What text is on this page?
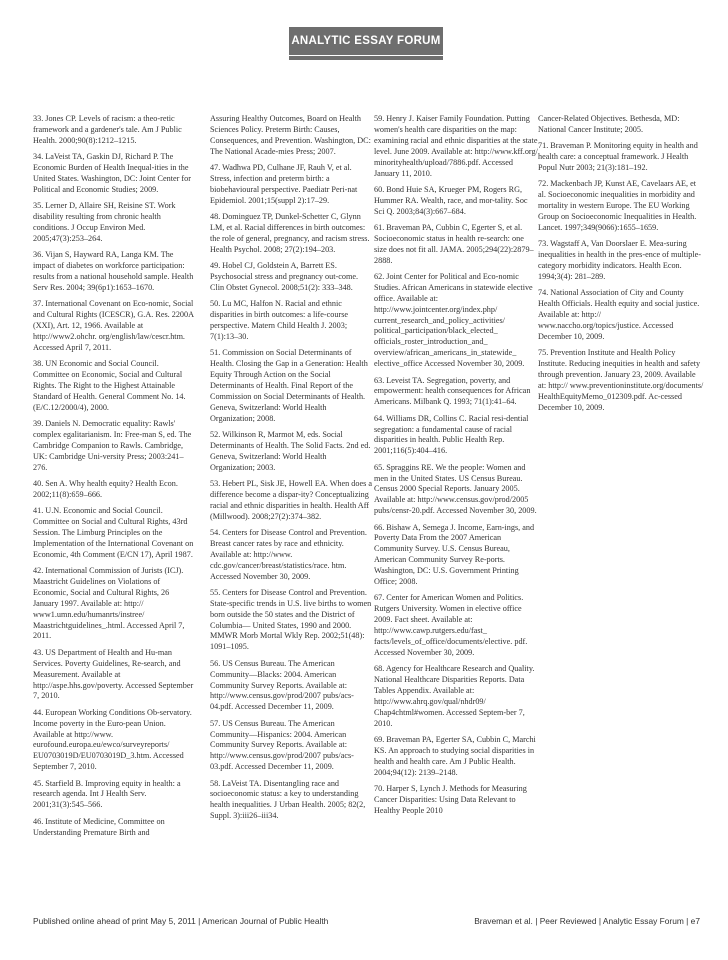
ANALYTIC ESSAY FORUM

33. Jones CP. Levels of racism: a theo-retic framework and a gardener's tale. Am J Public Health. 2000;90(8):1212–1215.

34. LaVeist TA, Gaskin DJ, Richard P. The Economic Burden of Health Inequal-ities in the United States. Washington, DC: Joint Center for Political and Economic Studies; 2009.

35. Lerner D, Allaire SH, Reisine ST. Work disability resulting from chronic health conditions. J Occup Environ Med. 2005;47(3):253–264.

36. Vijan S, Hayward RA, Langa KM. The impact of diabetes on workforce participation: results from a national household sample. Health Serv Res. 2004; 39(6p1):1653–1670.

37. International Covenant on Eco-nomic, Social and Cultural Rights (ICESCR), G.A. Res. 2200A (XXI), Art. 12, 1966. Available at http://www2.ohchr. org/english/law/cescr.htm. Accessed April 7, 2011.

38. UN Economic and Social Council. Committee on Economic, Social and Cultural Rights. The Right to the Highest Attainable Standard of Health. General Comment No. 14. (E/C.12/2000/4), 2000.

39. Daniels N. Democratic equality: Rawls' complex egalitarianism. In: Free-man S, ed. The Cambridge Companion to Rawls. Cambridge, UK: Cambridge Uni-versity Press; 2003:241–276.

40. Sen A. Why health equity? Health Econ. 2002;11(8):659–666.

41. U.N. Economic and Social Council. Committee on Social and Cultural Rights, 43rd Session. The Limburg Principles on the Implementation of the International Covenant on Economic, 4th Comment (E/CN 17), April 1987.

42. International Commission of Jurists (ICJ). Maastricht Guidelines on Violations of Economic, Social and Cultural Rights, 26 January 1997. Available at: http:// www1.umn.edu/humanrts/instree/ Maastrichtguidelines_.html. Accessed April 7, 2011.

43. US Department of Health and Hu-man Services. Poverty Guidelines, Re-search, and Measurement. Available at http://aspe.hhs.gov/poverty. Accessed September 7, 2010.

44. European Working Conditions Ob-servatory. Income poverty in the Euro-pean Union. Available at http://www. eurofound.europa.eu/ewco/surveyreports/ EU0703019D/EU0703019D_3.htm. Accessed September 7, 2010.

45. Starfield B. Improving equity in health: a research agenda. Int J Health Serv. 2001;31(3):545–566.

46. Institute of Medicine, Committee on Understanding Premature Birth and

Assuring Healthy Outcomes, Board on Health Sciences Policy. Preterm Birth: Causes, Consequences, and Prevention. Washington, DC: The National Acade-mies Press; 2007.

47. Wadhwa PD, Culhane JF, Rauh V, et al. Stress, infection and preterm birth: a biobehavioural perspective. Paediatr Peri-nat Epidemiol. 2001;15(suppl 2):17–29.

48. Dominguez TP, Dunkel-Schetter C, Glynn LM, et al. Racial differences in birth outcomes: the role of general, pregnancy, and racism stress. Health Psychol. 2008; 27(2):194–203.

49. Hobel CJ, Goldstein A, Barrett ES. Psychosocial stress and pregnancy out-come. Clin Obstet Gynecol. 2008;51(2): 333–348.

50. Lu MC, Halfon N. Racial and ethnic disparities in birth outcomes: a life-course perspective. Matern Child Health J. 2003; 7(1):13–30.

51. Commission on Social Determinants of Health. Closing the Gap in a Generation: Health Equity Through Action on the Social Determinants of Health. Final Report of the Commission on Social Determinants of Health. Geneva, Switzerland: World Health Organization; 2008.

52. Wilkinson R, Marmot M, eds. Social Determinants of Health. The Solid Facts. 2nd ed. Geneva, Switzerland: World Health Organization; 2003.

53. Hebert PL, Sisk JE, Howell EA. When does a difference become a dispar-ity? Conceptualizing racial and ethnic disparities in health. Health Aff (Millwood). 2008;27(2):374–382.

54. Centers for Disease Control and Prevention. Breast cancer rates by race and ethnicity. Available at: http://www. cdc.gov/cancer/breast/statistics/race. htm. Accessed November 30, 2009.

55. Centers for Disease Control and Prevention. State-specific trends in U.S. live births to women born outside the 50 states and the District of Columbia— United States, 1990 and 2000. MMWR Morb Mortal Wkly Rep. 2002;51(48): 1091–1095.

56. US Census Bureau. The American Community—Blacks: 2004. American Community Survey Reports. Available at: http://www.census.gov/prod/2007 pubs/acs-04.pdf. Accessed December 11, 2009.

57. US Census Bureau. The American Community—Hispanics: 2004. American Community Survey Reports. Available at: http://www.census.gov/prod/2007 pubs/acs-03.pdf. Accessed December 11, 2009.

58. LaVeist TA. Disentangling race and socioeconomic status: a key to understanding health inequalities. J Urban Health. 2005; 82(2, Suppl. 3):iii26–iii34.

59. Henry J. Kaiser Family Foundation. Putting women's health care disparities on the map: examining racial and ethnic disparities at the state level. June 2009. Available at: http://www.kff.org/ minorityhealth/upload/7886.pdf. Accessed January 11, 2010.

60. Bond Huie SA, Krueger PM, Rogers RG, Hummer RA. Wealth, race, and mor-tality. Soc Sci Q. 2003;84(3):667–684.

61. Braveman PA, Cubbin C, Egerter S, et al. Socioeconomic status in health re-search: one size does not fit all. JAMA. 2005;294(22):2879–2888.

62. Joint Center for Political and Eco-nomic Studies. African Americans in statewide elective office. Available at: http://www.jointcenter.org/index.php/ current_research_and_policy_activities/ political_participation/black_elected_ officials_roster_introduction_and_ overview/african_americans_in_statewide_ elective_office Accessed November 30, 2009.

63. Leveist TA. Segregation, poverty, and empowerment: health consequences for African Americans. Milbank Q. 1993; 71(1):41–64.

64. Williams DR, Collins C. Racial resi-dential segregation: a fundamental cause of racial disparities in health. Public Health Rep. 2001;116(5):404–416.

65. Spraggins RE. We the people: Women and men in the United States. US Census Bureau. Census 2000 Special Reports. January 2005. Available at: http://www.census.gov/prod/2005 pubs/censr-20.pdf. Accessed November 30, 2009.

66. Bishaw A, Semega J. Income, Earn-ings, and Poverty Data From the 2007 American Community Survey. U.S. Census Bureau, American Community Survey Re-ports. Washington, DC: U.S. Government Printing Office; 2008.

67. Center for American Women and Politics. Rutgers University. Women in elective office 2009. Fact sheet. Available at: http://www.cawp.rutgers.edu/fast_ facts/levels_of_office/documents/elective. pdf. Accessed November 30, 2009.

68. Agency for Healthcare Research and Quality. National Healthcare Disparities Reports. Data Tables Appendix. Available at: http://www.ahrq.gov/qual/nhdr09/ Chap4chtml#women. Accessed Septem-ber 7, 2010.

69. Braveman PA, Egerter SA, Cubbin C, Marchi KS. An approach to studying social disparities in health and health care. Am J Public Health. 2004;94(12): 2139–2148.

70. Harper S, Lynch J. Methods for Measuring Cancer Disparities: Using Data Relevant to Healthy People 2010

Cancer-Related Objectives. Bethesda, MD: National Cancer Institute; 2005.

71. Braveman P. Monitoring equity in health and health care: a conceptual framework. J Health Popul Nutr 2003; 21(3):181–192.

72. Mackenbach JP, Kunst AE, Cavelaars AE, et al. Socioeconomic inequalities in morbidity and mortality in western Europe. The EU Working Group on Socioeconomic Inequalities in Health. Lancet. 1997;349(9066):1655–1659.

73. Wagstaff A, Van Doorslaer E. Mea-suring inequalities in health in the pres-ence of multiple-category morbidity indicators. Health Econ. 1994;3(4): 281–289.

74. National Association of City and County Health Officials. Health equity and social justice. Available at: http:// www.naccho.org/topics/justice. Accessed December 10, 2009.

75. Prevention Institute and Health Policy Institute. Reducing inequities in health and safety through prevention. January 23, 2009. Available at: http:// www.preventioninstitute.org/documents/ HealthEquityMemo_012309.pdf. Ac-cessed December 10, 2009.

Published online ahead of print May 5, 2011 | American Journal of Public Health	Braveman et al. | Peer Reviewed | Analytic Essay Forum | e7
